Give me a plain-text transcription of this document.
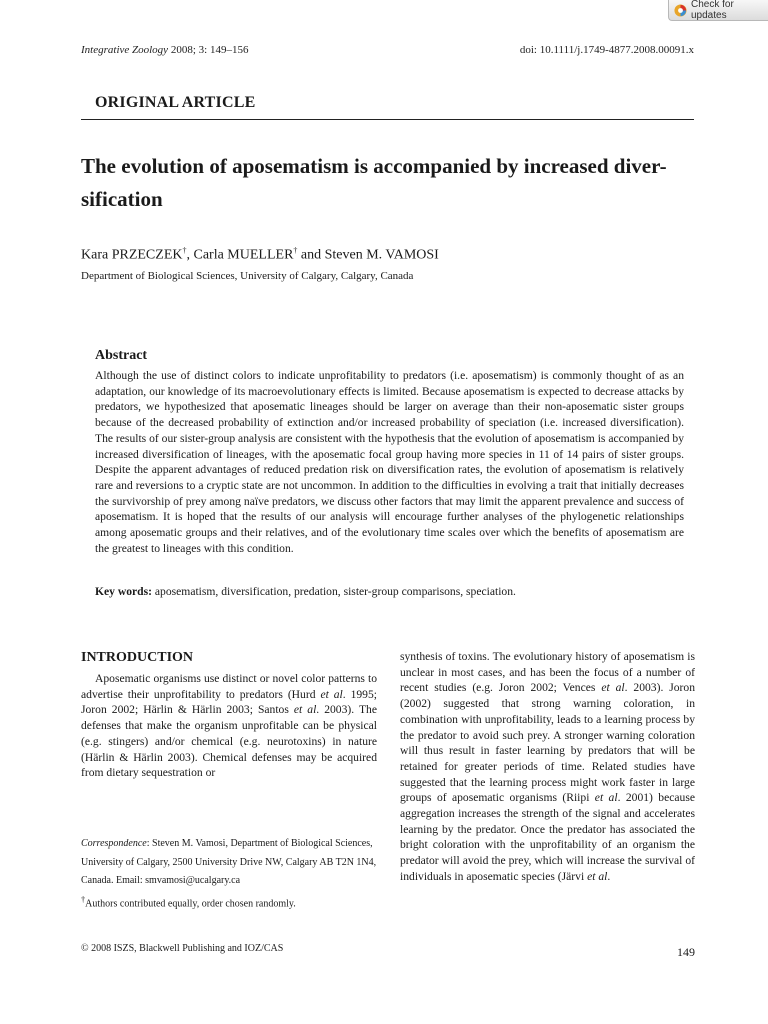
Check for updates
Integrative Zoology 2008; 3: 149–156	doi: 10.1111/j.1749-4877.2008.00091.x
ORIGINAL ARTICLE
The evolution of aposematism is accompanied by increased diver-
sification
Kara PRZECZEK†, Carla MUELLER† and Steven M. VAMOSI
Department of Biological Sciences, University of Calgary, Calgary, Canada
Abstract

Although the use of distinct colors to indicate unprofitability to predators (i.e. aposematism) is commonly thought of as an adaptation, our knowledge of its macroevolutionary effects is limited. Because aposematism is expected to decrease attacks by predators, we hypothesized that aposematic lineages should be larger on average than their non-aposematic sister groups because of the decreased probability of extinction and/or increased probability of speciation (i.e. increased diversification). The results of our sister-group analysis are consistent with the hypothesis that the evolution of aposematism is accompanied by increased diversification of lineages, with the aposematic focal group having more species in 11 of 14 pairs of sister groups. Despite the apparent advantages of reduced predation risk on diversification rates, the evolution of aposematism is relatively rare and reversions to a cryptic state are not uncommon. In addition to the difficulties in evolving a trait that initially decreases the survivorship of prey among naïve predators, we discuss other factors that may limit the apparent prevalence and success of aposematism. It is hoped that the results of our analysis will encourage further analyses of the phylogenetic relationships among aposematic groups and their relatives, and of the evolutionary time scales over which the benefits of aposematism are the greatest to lineages with this condition.

Key words: aposematism, diversification, predation, sister-group comparisons, speciation.
INTRODUCTION

Aposematic organisms use distinct or novel color patterns to advertise their unprofitability to predators (Hurd et al. 1995; Joron 2002; Härlin & Härlin 2003; Santos et al. 2003). The defenses that make the organism unprofitable can be physical (e.g. stingers) and/or chemical (e.g. neurotoxins) in nature (Härlin & Härlin 2003). Chemical defenses may be acquired from dietary sequestration or

synthesis of toxins. The evolutionary history of aposematism is unclear in most cases, and has been the focus of a number of recent studies (e.g. Joron 2002; Vences et al. 2003). Joron (2002) suggested that strong warning coloration, in combination with unprofitability, leads to a learning process by the predator to avoid such prey. A stronger warning coloration will thus result in faster learning by predators that will be retained for greater periods of time. Related studies have suggested that the learning process might work faster in large groups of aposematic organisms (Riipi et al. 2001) because aggregation increases the strength of the signal and accelerates learning by the predator. Once the predator has associated the bright coloration with the unprofitability of an organism the predator will avoid the prey, which will increase the survival of individuals in aposematic species (Järvi et al.

Correspondence: Steven M. Vamosi, Department of Biological Sciences, University of Calgary, 2500 University Drive NW, Calgary AB T2N 1N4, Canada. Email: smvamosi@ucalgary.ca
†Authors contributed equally, order chosen randomly.
© 2008 ISZS, Blackwell Publishing and IOZ/CAS	149
